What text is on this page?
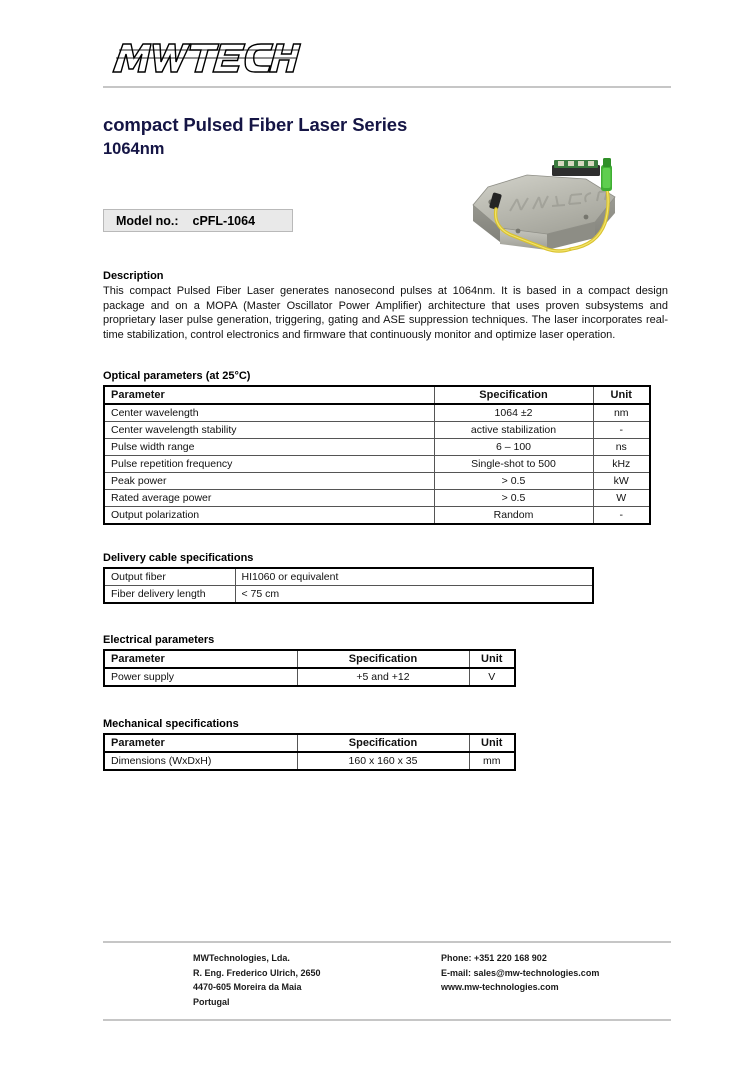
compact Pulsed Fiber Laser Series
1064nm
Model no.:	cPFL-1064
Description

This compact Pulsed Fiber Laser generates nanosecond pulses at 1064nm. It is based in a compact design package and on a MOPA (Master Oscillator Power Amplifier) architecture that uses proven subsystems and proprietary laser pulse generation, triggering, gating and ASE suppression techniques. The laser incorporates real-time stabilization, control electronics and firmware that continuously monitor and optimize laser operation.

Optical parameters (at 25°C)
Parameter	Specification	Unit
Center wavelength	1064 ±2	nm
Center wavelength stability	active stabilization	-
Pulse width range	6 – 100	ns
Pulse repetition frequency	Single-shot to 500	kHz
Peak power	> 0.5	kW
Rated average power	> 0.5	W
Output polarization	Random	-
Delivery cable specifications
Output fiber	HI1060 or equivalent
Fiber delivery length	< 75 cm
Electrical parameters
Parameter	Specification	Unit
Power supply	+5 and +12	V
Mechanical specifications
Parameter	Specification	Unit
Dimensions (WxDxH)	160 x 160 x 35	mm
MWTechnologies, Lda.
R. Eng. Frederico Ulrich, 2650
4470-605 Moreira da Maia
Portugal
Phone: +351 220 168 902
E-mail: sales@mw-technologies.com
www.mw-technologies.com
